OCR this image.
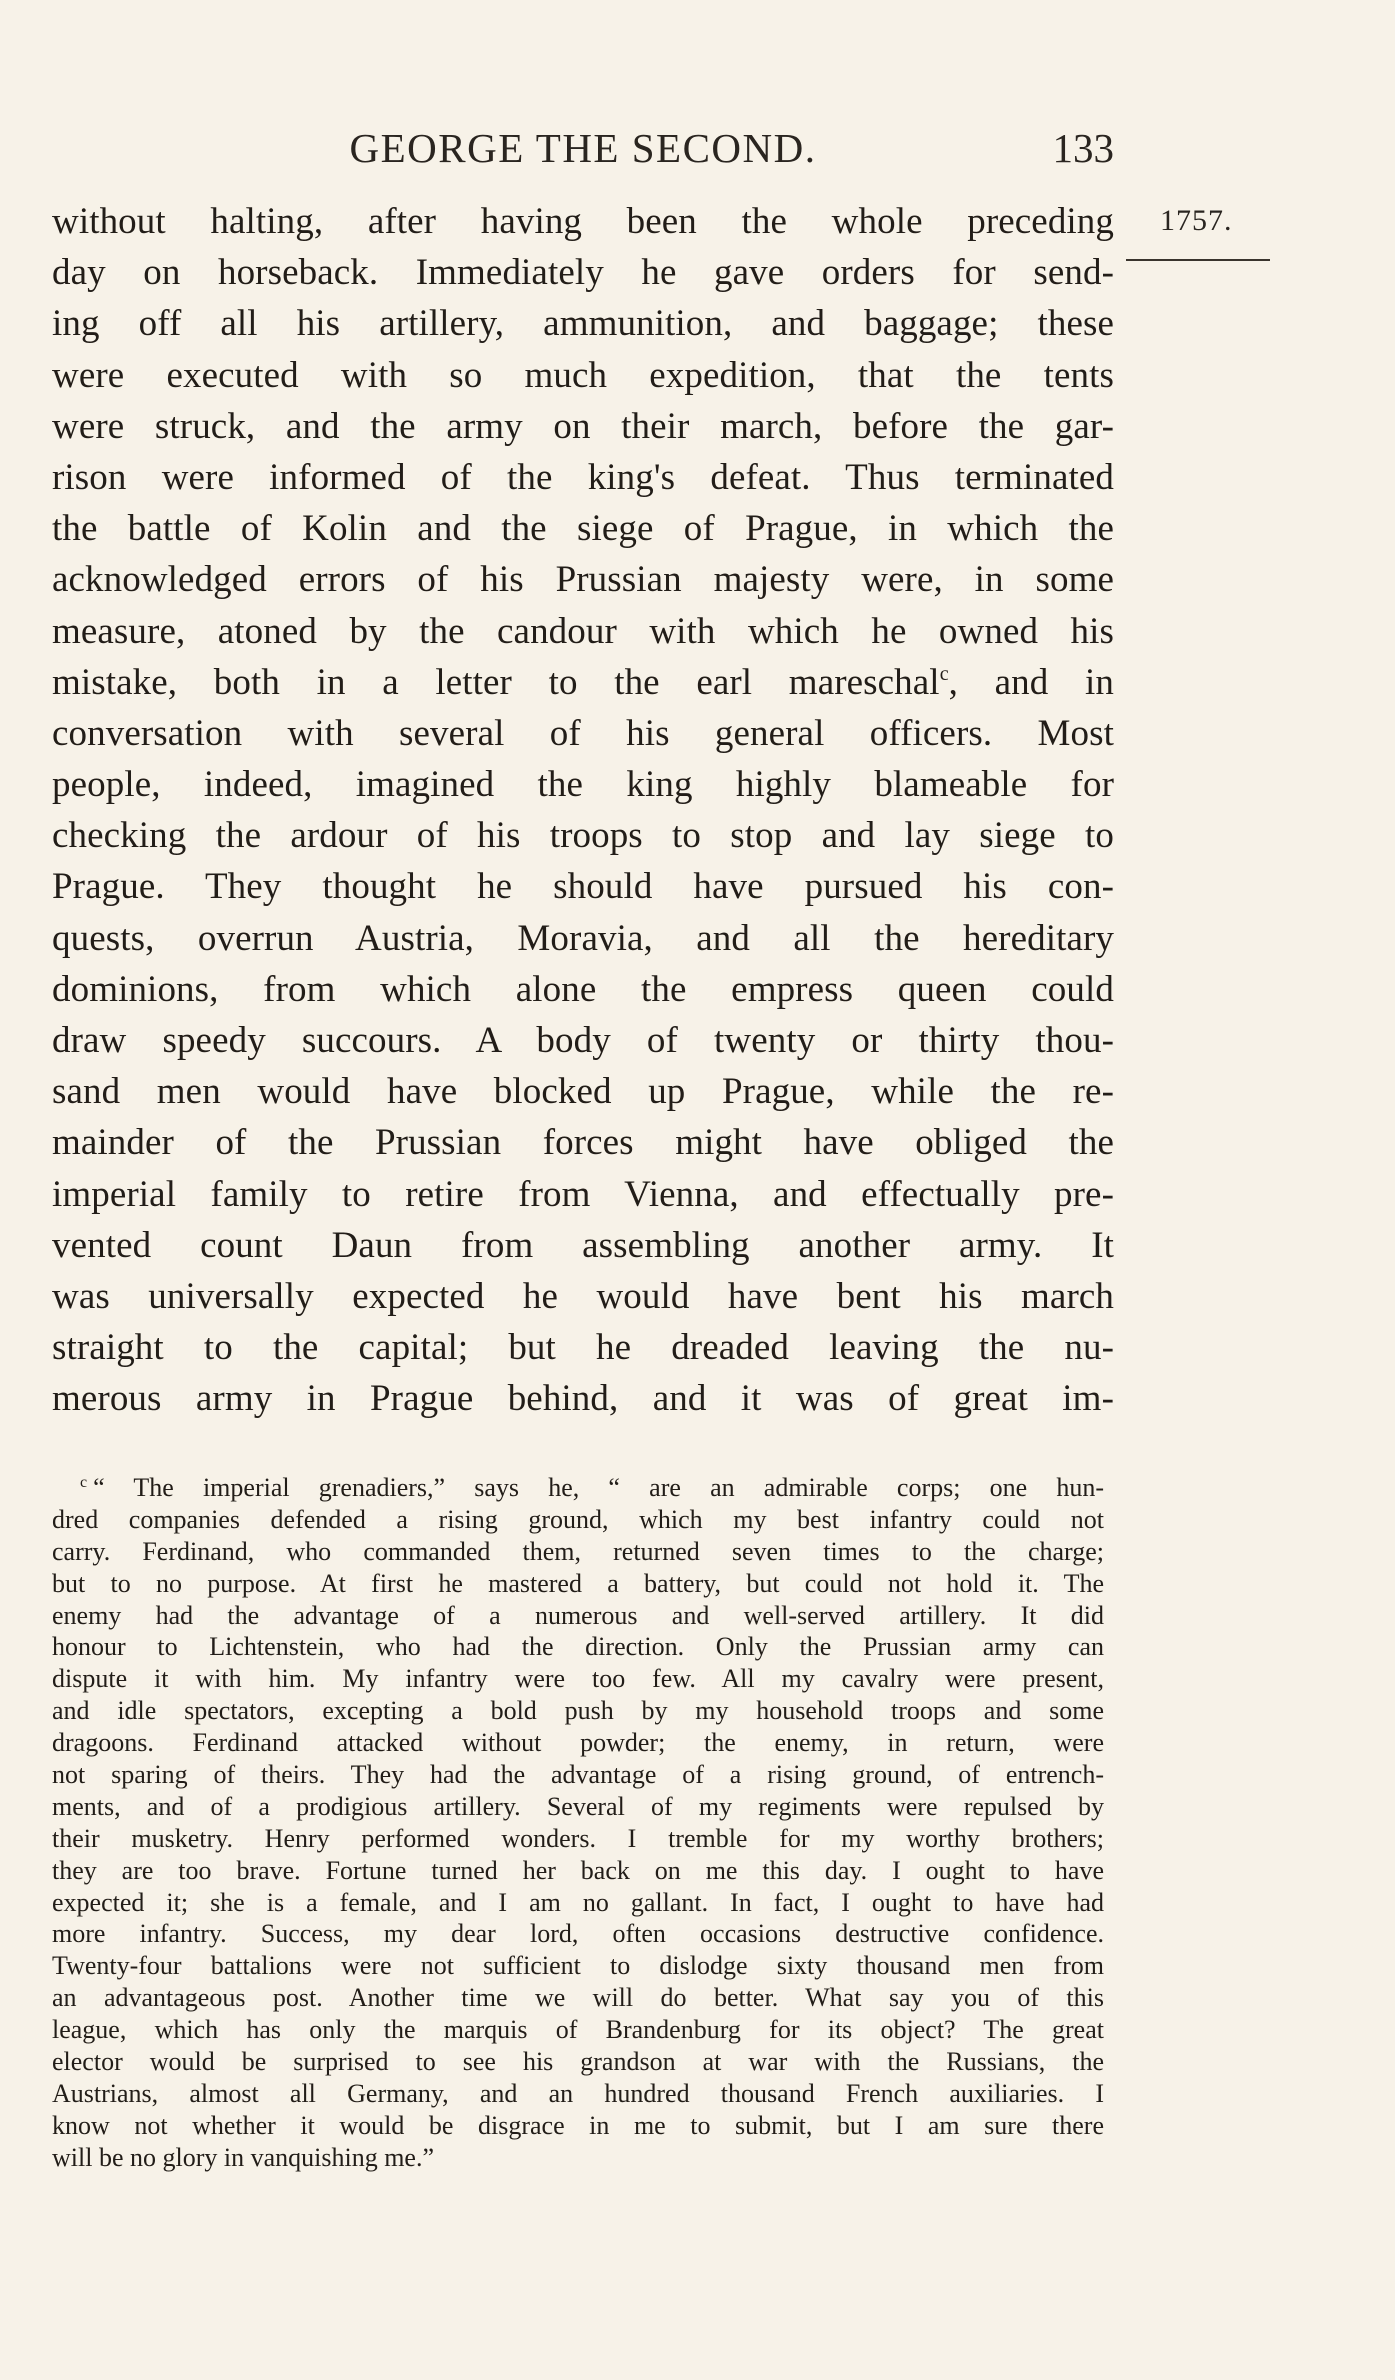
GEORGE THE SECOND.	133
1757.
without halting, after having been the whole preceding
day on horseback. Immediately he gave orders for send-
ing off all his artillery, ammunition, and baggage; these
were executed with so much expedition, that the tents
were struck, and the army on their march, before the gar-
rison were informed of the king's defeat. Thus terminated
the battle of Kolin and the siege of Prague, in which the
acknowledged errors of his Prussian majesty were, in some
measure, atoned by the candour with which he owned his
mistake, both in a letter to the earl mareschal$^c$, and in
conversation with several of his general officers. Most
people, indeed, imagined the king highly blameable for
checking the ardour of his troops to stop and lay siege to
Prague. They thought he should have pursued his con-
quests, overrun Austria, Moravia, and all the hereditary
dominions, from which alone the empress queen could
draw speedy succours. A body of twenty or thirty thou-
sand men would have blocked up Prague, while the re-
mainder of the Prussian forces might have obliged the
imperial family to retire from Vienna, and effectually pre-
vented count Daun from assembling another army. It
was universally expected he would have bent his march
straight to the capital; but he dreaded leaving the nu-
merous army in Prague behind, and it was of great im-
$^c$ “ The imperial grenadiers,” says he, “ are an admirable corps; one hun-
dred companies defended a rising ground, which my best infantry could not
carry. Ferdinand, who commanded them, returned seven times to the charge;
but to no purpose. At first he mastered a battery, but could not hold it. The
enemy had the advantage of a numerous and well-served artillery. It did
honour to Lichtenstein, who had the direction. Only the Prussian army can
dispute it with him. My infantry were too few. All my cavalry were present,
and idle spectators, excepting a bold push by my household troops and some
dragoons. Ferdinand attacked without powder; the enemy, in return, were
not sparing of theirs. They had the advantage of a rising ground, of entrench-
ments, and of a prodigious artillery. Several of my regiments were repulsed by
their musketry. Henry performed wonders. I tremble for my worthy brothers;
they are too brave. Fortune turned her back on me this day. I ought to have
expected it; she is a female, and I am no gallant. In fact, I ought to have had
more infantry. Success, my dear lord, often occasions destructive confidence.
Twenty-four battalions were not sufficient to dislodge sixty thousand men from
an advantageous post. Another time we will do better. What say you of this
league, which has only the marquis of Brandenburg for its object? The great
elector would be surprised to see his grandson at war with the Russians, the
Austrians, almost all Germany, and an hundred thousand French auxiliaries. I
know not whether it would be disgrace in me to submit, but I am sure there
will be no glory in vanquishing me.”
